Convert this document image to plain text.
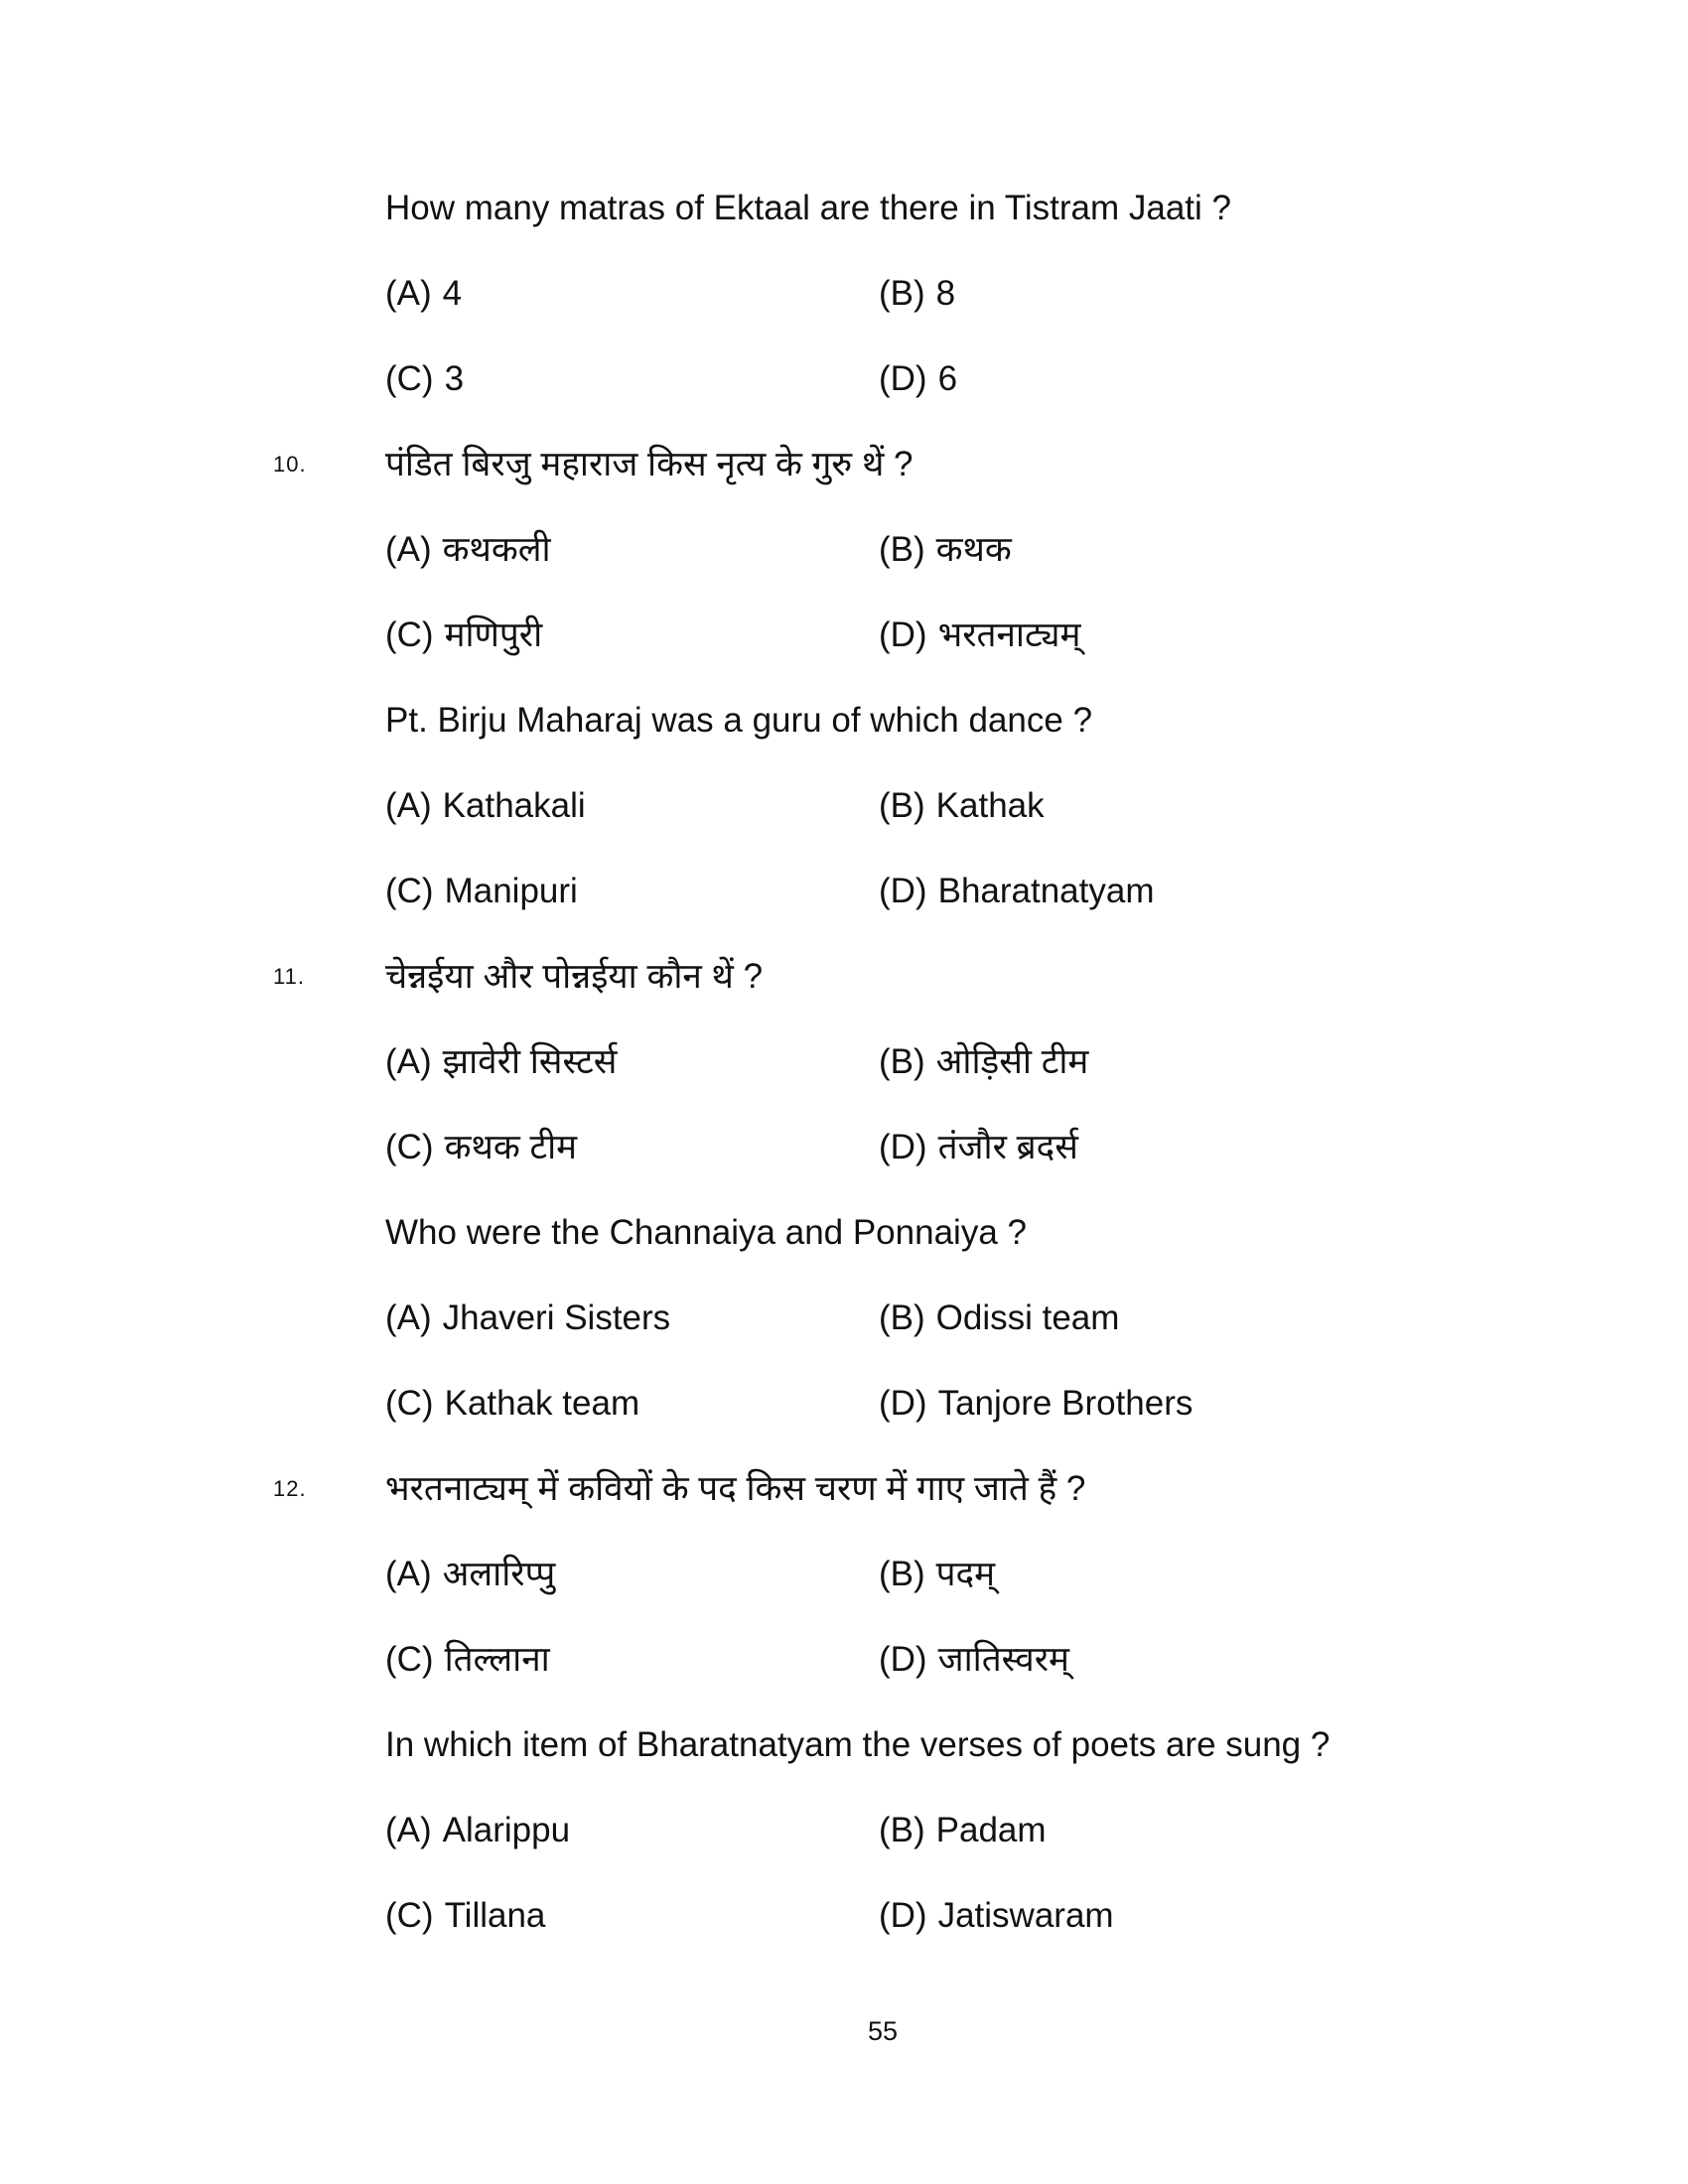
How many matras of Ektaal are there in Tistram Jaati ?
(A) 4	(B) 8
(C) 3	(D) 6
10. पंडित बिरजु महाराज किस नृत्य के गुरु थें ?
(A) कथकली	(B) कथक
(C) मणिपुरी	(D) भरतनाट्यम्
Pt. Birju Maharaj was a guru of which dance ?
(A) Kathakali	(B) Kathak
(C) Manipuri	(D) Bharatnatyam
11. चेन्नईया और पोन्नईया कौन थें ?
(A) झावेरी सिस्टर्स	(B) ओड़िसी टीम
(C) कथक टीम	(D) तंजौर ब्रदर्स
Who were the Channaiya and Ponnaiya ?
(A) Jhaveri Sisters	(B) Odissi team
(C) Kathak team	(D) Tanjore Brothers
12. भरतनाट्यम् में कवियों के पद किस चरण में गाए जाते हैं ?
(A) अलारिप्पु	(B) पदम्
(C) तिल्लाना	(D) जातिस्वरम्
In which item of Bharatnatyam the verses of poets are sung ?
(A) Alarippu	(B) Padam
(C) Tillana	(D) Jatiswaram
55
